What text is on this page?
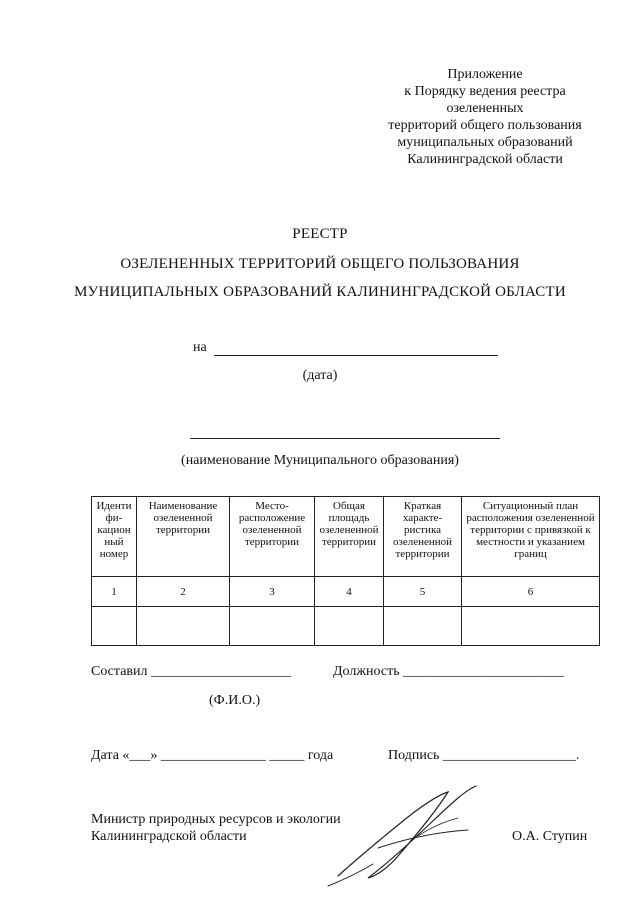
Приложение
к Порядку ведения реестра
озелененных
территорий общего пользования
муниципальных образований
Калининградской области
РЕЕСТР
ОЗЕЛЕНЕННЫХ ТЕРРИТОРИЙ ОБЩЕГО ПОЛЬЗОВАНИЯ
МУНИЦИПАЛЬНЫХ ОБРАЗОВАНИЙ КАЛИНИНГРАДСКОЙ ОБЛАСТИ
на
(дата)
(наименование Муниципального образования)
Иденти фи- кацион ный номер	Наименование озелененной территории	Место- расположение озелененной территории	Общая площадь озелененной территории	Краткая характе- ристика озелененной территории	Ситуационный план расположения озелененной территории с привязкой к местности и указанием границ
1	2	3	4	5	6

Составил ____________________	Должность _______________________
(Ф.И.О.)
Дата «___» _______________ _____ года	Подпись ___________________.
Министр природных ресурсов и экологии
Калининградской области	О.А. Ступин
